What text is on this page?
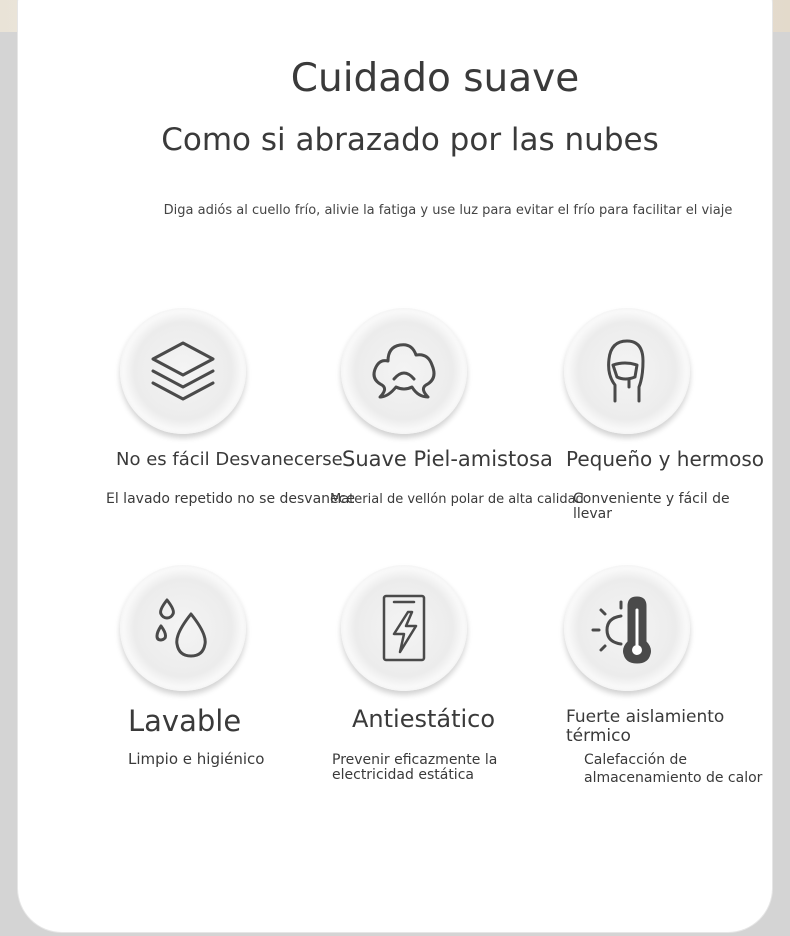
Cuidado suave
Como si abrazado por las nubes
Diga adiós al cuello frío, alivie la fatiga y use luz para evitar el frío para facilitar el viaje
No es fácil Desvanecerse
El lavado repetido no se desvanece
Suave Piel-amistosa
Material de vellón polar de alta calidad
Pequeño y hermoso
Conveniente y fácil de llevar
Lavable
Limpio e higiénico
Antiestático
Prevenir eficazmente la electricidad estática
Fuerte aislamiento térmico
Calefacción de almacenamiento de calor
